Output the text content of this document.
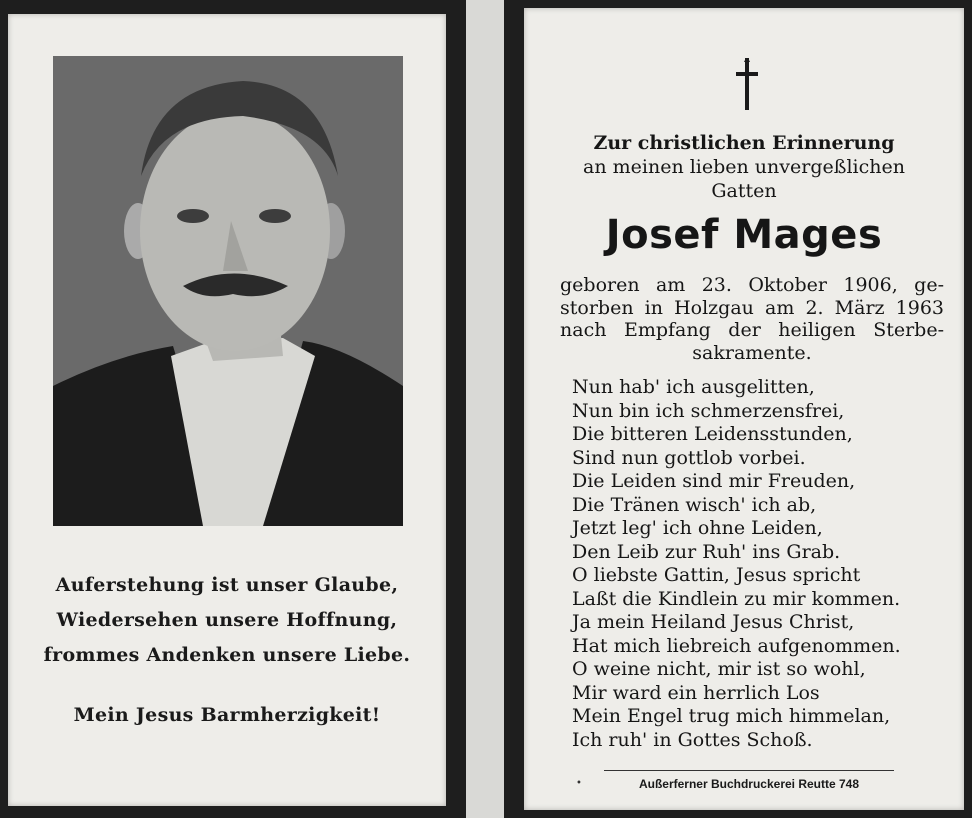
Auferstehung ist unser Glaube,
Wiedersehen unsere Hoffnung,
frommes Andenken unsere Liebe.
Mein Jesus Barmherzigkeit!
Zur christlichen Erinnerung
an meinen lieben unvergeßlichen
Gatten
Josef Mages
geboren am 23. Oktober 1906, ge-
storben in Holzgau am 2. März 1963
nach Empfang der heiligen Sterbe-
sakramente.
Nun hab' ich ausgelitten,
Nun bin ich schmerzensfrei,
Die bitteren Leidensstunden,
Sind nun gottlob vorbei.
Die Leiden sind mir Freuden,
Die Tränen wisch' ich ab,
Jetzt leg' ich ohne Leiden,
Den Leib zur Ruh' ins Grab.
O liebste Gattin, Jesus spricht
Laßt die Kindlein zu mir kommen.
Ja mein Heiland Jesus Christ,
Hat mich liebreich aufgenommen.
O weine nicht, mir ist so wohl,
Mir ward ein herrlich Los
Mein Engel trug mich himmelan,
Ich ruh' in Gottes Schoß.
•	Außerferner Buchdruckerei Reutte 748
